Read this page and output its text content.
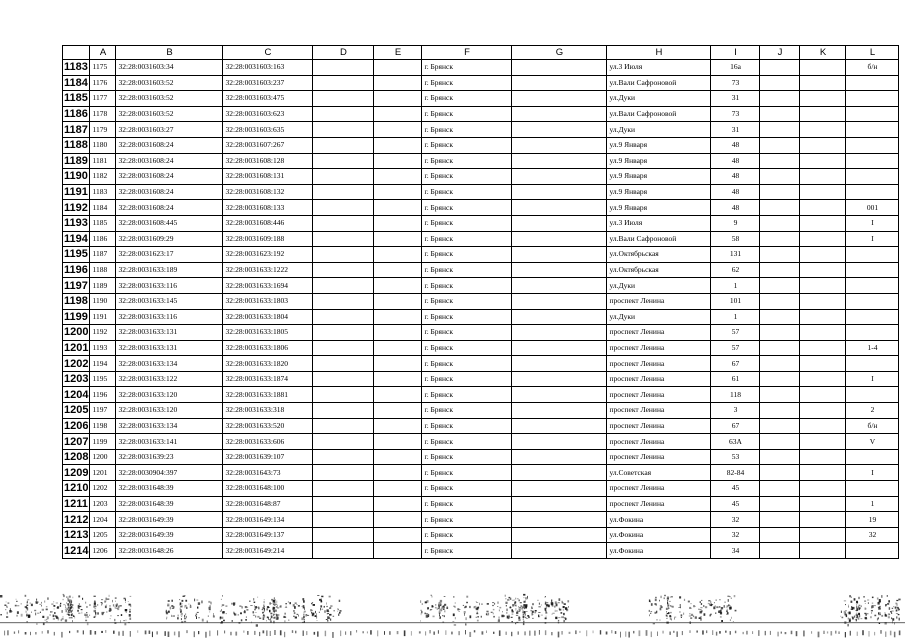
	A	B	C	D	E	F	G	H	I	J	K	L
1183	1175	32:28:0031603:34	32:28:0031603:163			г. Брянск		ул.3 Июля	16а			б/н
1184	1176	32:28:0031603:52	32:28:0031603:237			г. Брянск		ул.Вали Сафроновой	73			
1185	1177	32:28:0031603:52	32:28:0031603:475			г. Брянск		ул.Дуки	31			
1186	1178	32:28:0031603:52	32:28:0031603:623			г. Брянск		ул.Вали Сафроновой	73			
1187	1179	32:28:0031603:27	32:28:0031603:635			г. Брянск		ул.Дуки	31			
1188	1180	32:28:0031608:24	32:28:0031607:267			г. Брянск		ул.9 Января	48			
1189	1181	32:28:0031608:24	32:28:0031608:128			г. Брянск		ул.9 Января	48			
1190	1182	32:28:0031608:24	32:28:0031608:131			г. Брянск		ул.9 Января	48			
1191	1183	32:28:0031608:24	32:28:0031608:132			г. Брянск		ул.9 Января	48			
1192	1184	32:28:0031608:24	32:28:0031608:133			г. Брянск		ул.9 Января	48			001
1193	1185	32:28:0031608:445	32:28:0031608:446			г. Брянск		ул.3 Июля	9			I
1194	1186	32:28:0031609:29	32:28:0031609:188			г. Брянск		ул.Вали Сафроновой	58			I
1195	1187	32:28:0031623:17	32:28:0031623:192			г. Брянск		ул.Октябрьская	131			
1196	1188	32:28:0031633:189	32:28:0031633:1222			г. Брянск		ул.Октябрьская	62			
1197	1189	32:28:0031633:116	32:28:0031633:1694			г. Брянск		ул.Дуки	1			
1198	1190	32:28:0031633:145	32:28:0031633:1803			г. Брянск		проспект Ленина	101			
1199	1191	32:28:0031633:116	32:28:0031633:1804			г. Брянск		ул.Дуки	1			
1200	1192	32:28:0031633:131	32:28:0031633:1805			г. Брянск		проспект Ленина	57			
1201	1193	32:28:0031633:131	32:28:0031633:1806			г. Брянск		проспект Ленина	57			1-4
1202	1194	32:28:0031633:134	32:28:0031633:1820			г. Брянск		проспект Ленина	67			
1203	1195	32:28:0031633:122	32:28:0031633:1874			г. Брянск		проспект Ленина	61			I
1204	1196	32:28:0031633:120	32:28:0031633:1881			г. Брянск		проспект Ленина	118			
1205	1197	32:28:0031633:120	32:28:0031633:318			г. Брянск		проспект Ленина	3			2
1206	1198	32:28:0031633:134	32:28:0031633:520			г. Брянск		проспект Ленина	67			б/н
1207	1199	32:28:0031633:141	32:28:0031633:606			г. Брянск		проспект Ленина	63А			V
1208	1200	32:28:0031639:23	32:28:0031639:107			г. Брянск		проспект Ленина	53			
1209	1201	32:28:0030904:397	32:28:0031643:73			г. Брянск		ул.Советская	82-84			I
1210	1202	32:28:0031648:39	32:28:0031648:100			г. Брянск		проспект Ленина	45			
1211	1203	32:28:0031648:39	32:28:0031648:87			г. Брянск		проспект Ленина	45			1
1212	1204	32:28:0031649:39	32:28:0031649:134			г. Брянск		ул.Фокина	32			19
1213	1205	32:28:0031649:39	32:28:0031649:137			г. Брянск		ул.Фокина	32			32
1214	1206	32:28:0031648:26	32:28:0031649:214			г. Брянск		ул.Фокина	34			
